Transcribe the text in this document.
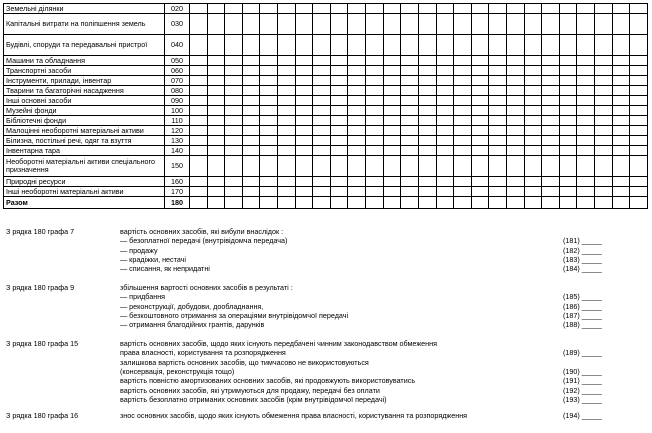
Земельні ділянки	020																										
Капітальні витрати на поліпшення земель	030																										
Будівлі, споруди та передавальні пристрої	040																										
Машини та обладнання	050																										
Транспортні засоби	060																										
Інструменти, прилади, інвентар	070																										
Тварини та багаторічні насадження	080																										
Інші основні засоби	090																										
Музейні фонди	100																										
Бібліотечні фонди	110																										
Малоцінні необоротні матеріальні активи	120																										
Білизна, постільні речі, одяг та взуття	130																										
Інвентарна тара	140																										
Необоротні матеріальні активи спеціального призначення	150																										
Природні ресурси	160																										
Інші необоротні матеріальні активи	170																										
Разом	180																										
З рядка 180 графа 7	вартість основних засобів, які вибули внаслідок :
— безоплатної передачі (внутрівідомча передача)	(181) _____
— продажу	(182) _____
— крадіжки, нестачі	(183) _____
— списання, як непридатні	(184) _____
З рядка 180 графа 9	збільшення вартості основних засобів в результаті :
— придбання	(185) _____
— реконструкції, добудови, дообладнання,	(186) _____
— безкоштовного отримання за операціями внутрівідомчої передачі	(187) _____
— отримання благодійних грантів, дарунків	(188) _____
З рядка 180 графа 15	вартість основних засобів, щодо яких існують передбачені чинним законодавством обмеження
права власності, користування та розпорядження	(189) _____
залишкова вартість основних засобів, що тимчасово не використовуються
(консервація, реконструкція тощо)	(190) _____
вартість повністю амортизованих основних засобів, які продовжують використовуватись	(191) _____
вартість основних засобів, які утримуються для продажу, передачі без оплати	(192) _____
вартість безоплатно отриманих основних засобів (крім внутрівідомчої передачі)	(193) _____
З рядка 180 графа 16	знос основних засобів, щодо яких існують обмеження права власності, користування та розпорядження	(194) _____
